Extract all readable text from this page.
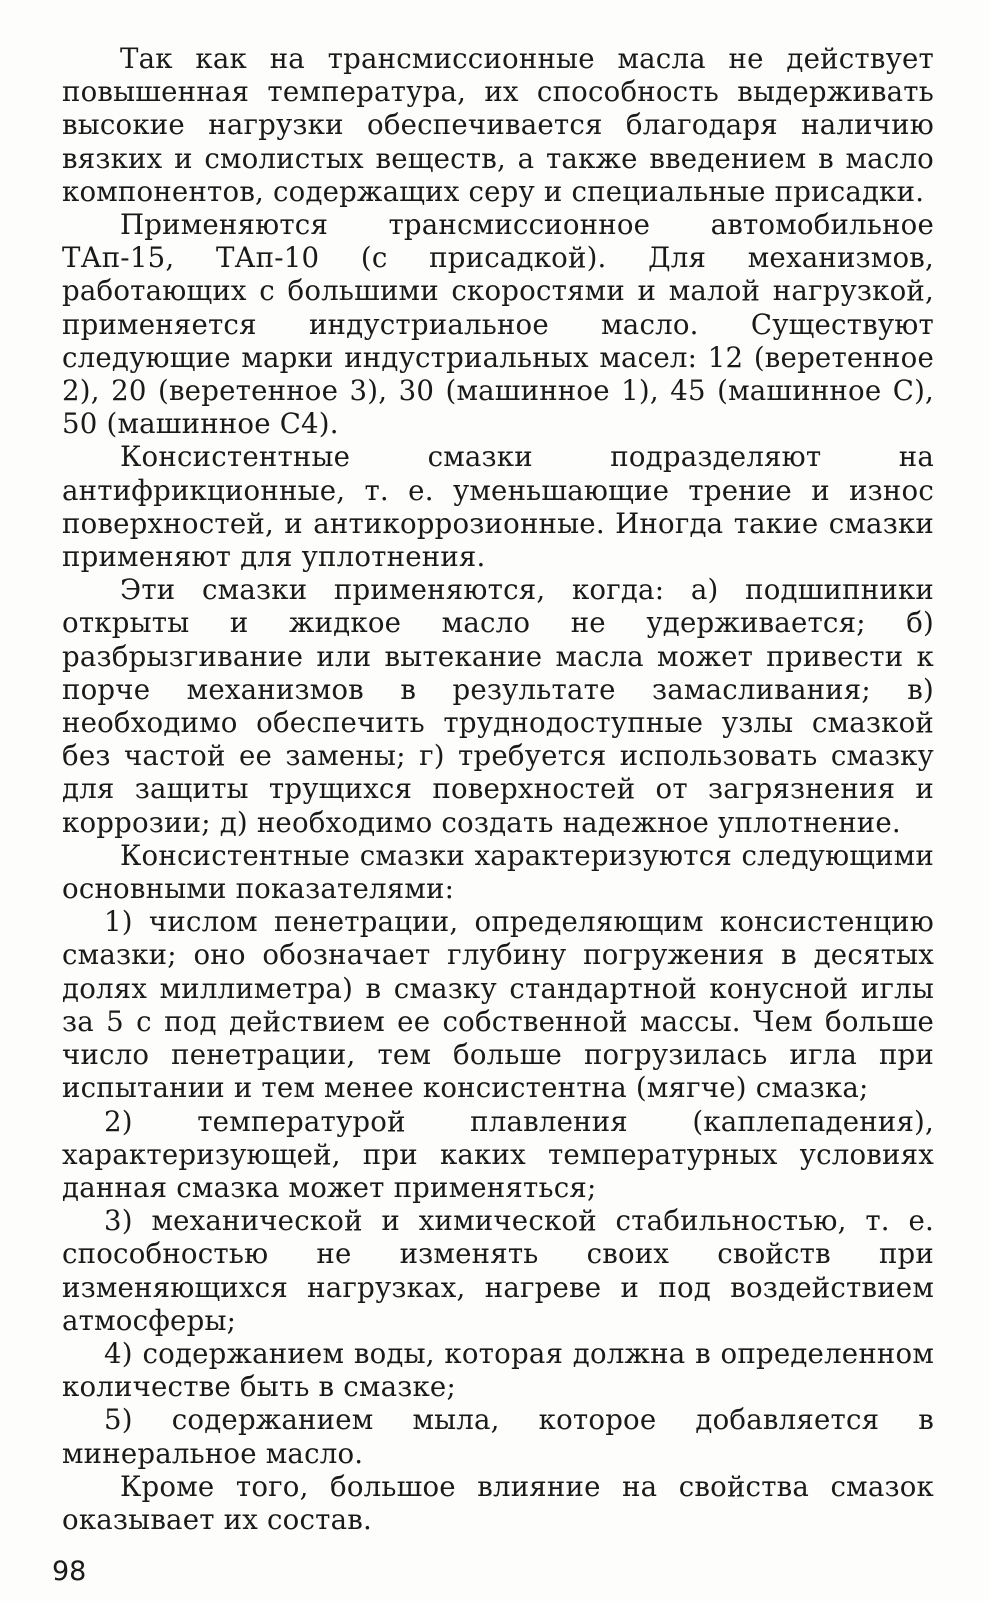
Так как на трансмиссионные масла не действует повышенная температура, их способность выдерживать высокие нагрузки обеспечивается благодаря наличию вязких и смолистых веществ, а также введением в масло компонентов, содержащих серу и специальные присадки.

Применяются трансмиссионное автомобильное ТАп-15, ТАп-10 (с присадкой). Для механизмов, работающих с большими скоростями и малой нагрузкой, применяется индустриальное масло. Существуют следующие марки индустриальных масел: 12 (веретенное 2), 20 (веретенное 3), 30 (машинное 1), 45 (машинное С), 50 (машинное С4).

Консистентные смазки подразделяют на антифрикционные, т. е. уменьшающие трение и износ поверхностей, и антикоррозионные. Иногда такие смазки применяют для уплотнения.

Эти смазки применяются, когда: а) подшипники открыты и жидкое масло не удерживается; б) разбрызгивание или вытекание масла может привести к порче механизмов в результате замасливания; в) необходимо обеспечить труднодоступные узлы смазкой без частой ее замены; г) требуется использовать смазку для защиты трущихся поверхностей от загрязнения и коррозии; д) необходимо создать надежное уплотнение.

Консистентные смазки характеризуются следующими основными показателями:

1) числом пенетрации, определяющим консистенцию смазки; оно обозначает глубину погружения в десятых долях миллиметра) в смазку стандартной конусной иглы за 5 с под действием ее собственной массы. Чем больше число пенетрации, тем больше погрузилась игла при испытании и тем менее консистентна (мягче) смазка;

2) температурой плавления (каплепадения), характеризующей, при каких температурных условиях данная смазка может применяться;

3) механической и химической стабильностью, т. е. способностью не изменять своих свойств при изменяющихся нагрузках, нагреве и под воздействием атмосферы;

4) содержанием воды, которая должна в определенном количестве быть в смазке;

5) содержанием мыла, которое добавляется в минеральное масло.

Кроме того, большое влияние на свойства смазок оказывает их состав.

98
